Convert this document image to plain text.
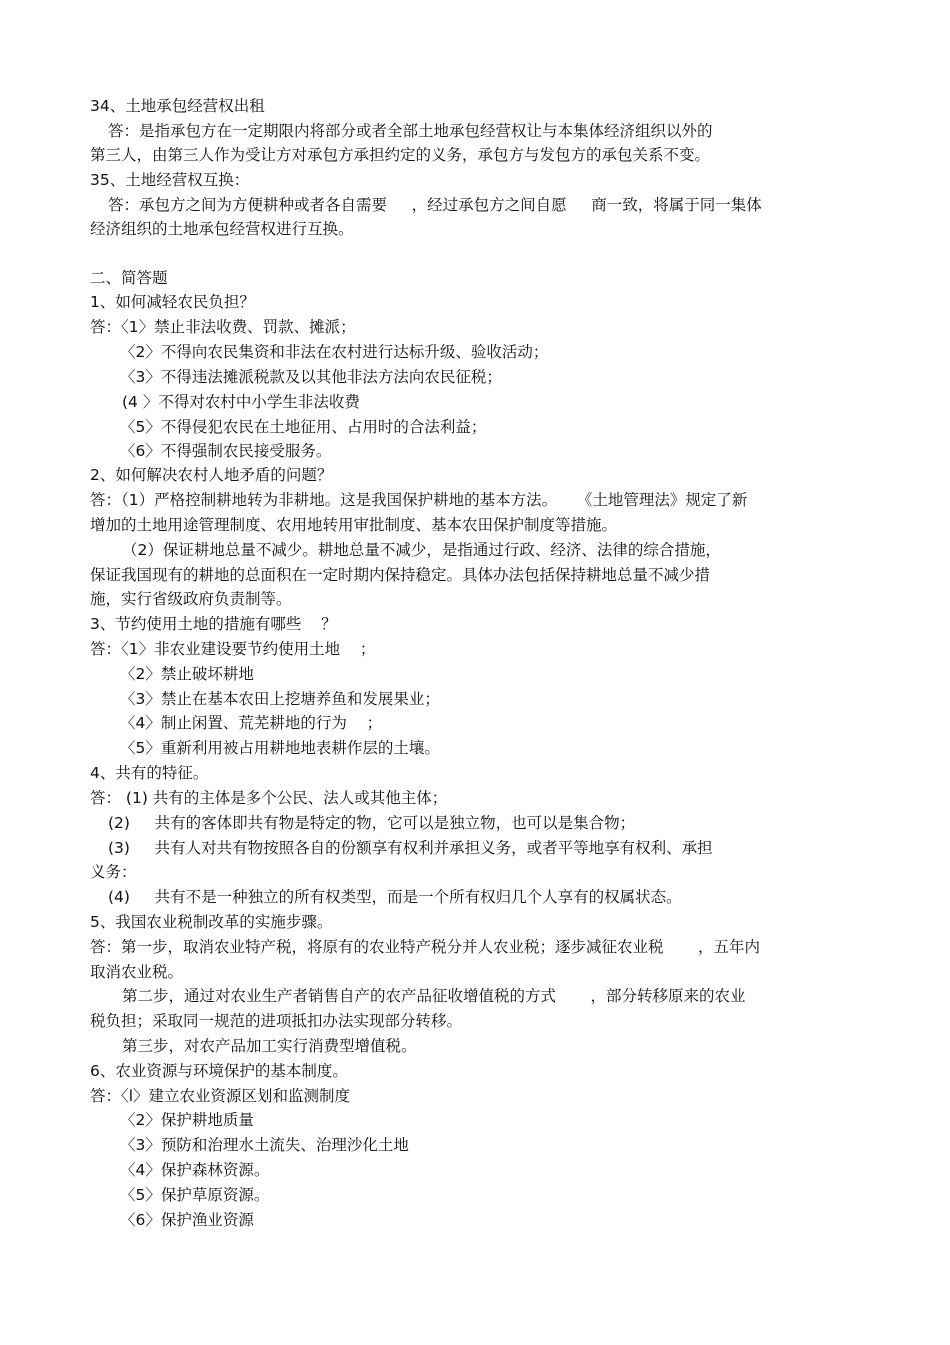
34、土地承包经营权出租
答：是指承包方在一定期限内将部分或者全部土地承包经营权让与本集体经济组织以外的
第三人，由第三人作为受让方对承包方承担约定的义务，承包方与发包方的承包关系不变。
35、土地经营权互换：
答：承包方之间为方便耕种或者各自需要     ，经过承包方之间自愿     商一致，将属于同一集体
经济组织的土地承包经营权进行互换。
二、简答题
1、如何减轻农民负担？
答：〈1〉禁止非法收费、罚款、摊派；
〈2〉不得向农民集资和非法在农村进行达标升级、验收活动；
〈3〉不得违法摊派税款及以其他非法方法向农民征税；
(4 〉不得对农村中小学生非法收费
〈5〉不得侵犯农民在土地征用、占用时的合法利益；
〈6〉不得强制农民接受服务。
2、如何解决农村人地矛盾的问题？
答：（1）严格控制耕地转为非耕地。这是我国保护耕地的基本方法。    《土地管理法》规定了新
增加的土地用途管理制度、农用地转用审批制度、基本农田保护制度等措施。
（2）保证耕地总量不减少。耕地总量不减少，是指通过行政、经济、法律的综合措施，
保证我国现有的耕地的总面积在一定时期内保持稳定。具体办法包括保持耕地总量不减少措
施，实行省级政府负责制等。
3、节约使用土地的措施有哪些    ？
答：〈1〉非农业建设要节约使用土地    ；
〈2〉禁止破坏耕地
〈3〉禁止在基本农田上挖塘养鱼和发展果业；
〈4〉制止闲置、荒芜耕地的行为    ；
〈5〉重新利用被占用耕地地表耕作层的土壤。
4、共有的特征。
答： (1) 共有的主体是多个公民、法人或其他主体；
(2)     共有的客体即共有物是特定的物，它可以是独立物，也可以是集合物；
(3)     共有人对共有物按照各自的份额享有权利并承担义务，或者平等地享有权利、承担
义务：
(4)     共有不是一种独立的所有权类型，而是一个所有权归几个人享有的权属状态。
5、我国农业税制改革的实施步骤。
答：第一步，取消农业特产税，将原有的农业特产税分并人农业税；逐步减征农业税       ，五年内
取消农业税。
第二步，通过对农业生产者销售自产的农产品征收增值税的方式       ，部分转移原来的农业
税负担；采取同一规范的进项抵扣办法实现部分转移。
第三步，对农产品加工实行消费型增值税。
6、农业资源与环境保护的基本制度。
答：〈l〉建立农业资源区划和监测制度
〈2〉保护耕地质量
〈3〉预防和治理水土流失、治理沙化土地
〈4〉保护森林资源。
〈5〉保护草原资源。
〈6〉保护渔业资源
